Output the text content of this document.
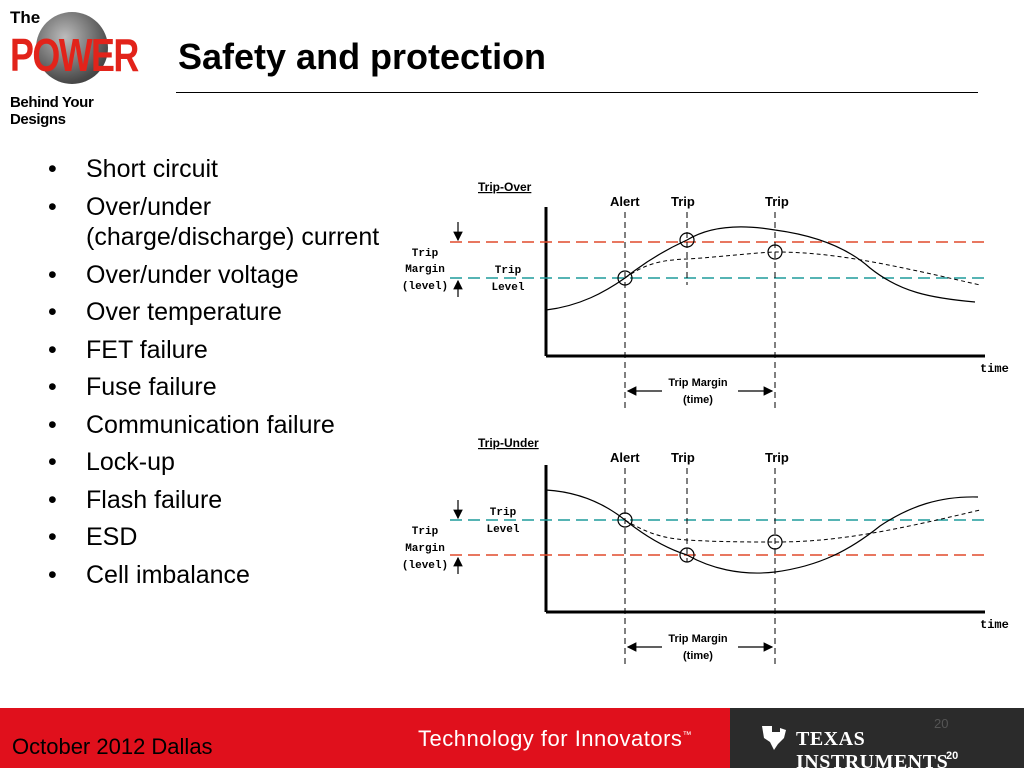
The
POWER
Behind Your Designs
Safety and protection
• Short circuit
• Over/under (charge/discharge) current
• Over/under voltage
• Over temperature
• FET failure
• Fuse failure
• Communication failure
• Lock-up
• Flash failure
• ESD
• Cell imbalance
Trip-Over
Alert Trip	Trip
time
Trip
Margin
(level)
Trip
Level
Trip Margin
(time)
Trip-Under
Alert Trip	Trip
time
Trip
Margin
(level)
Trip
Level
Trip Margin
(time)
October 2012 Dallas	Technology for Innovators™	TEXAS INSTRUMENTS
20
20
